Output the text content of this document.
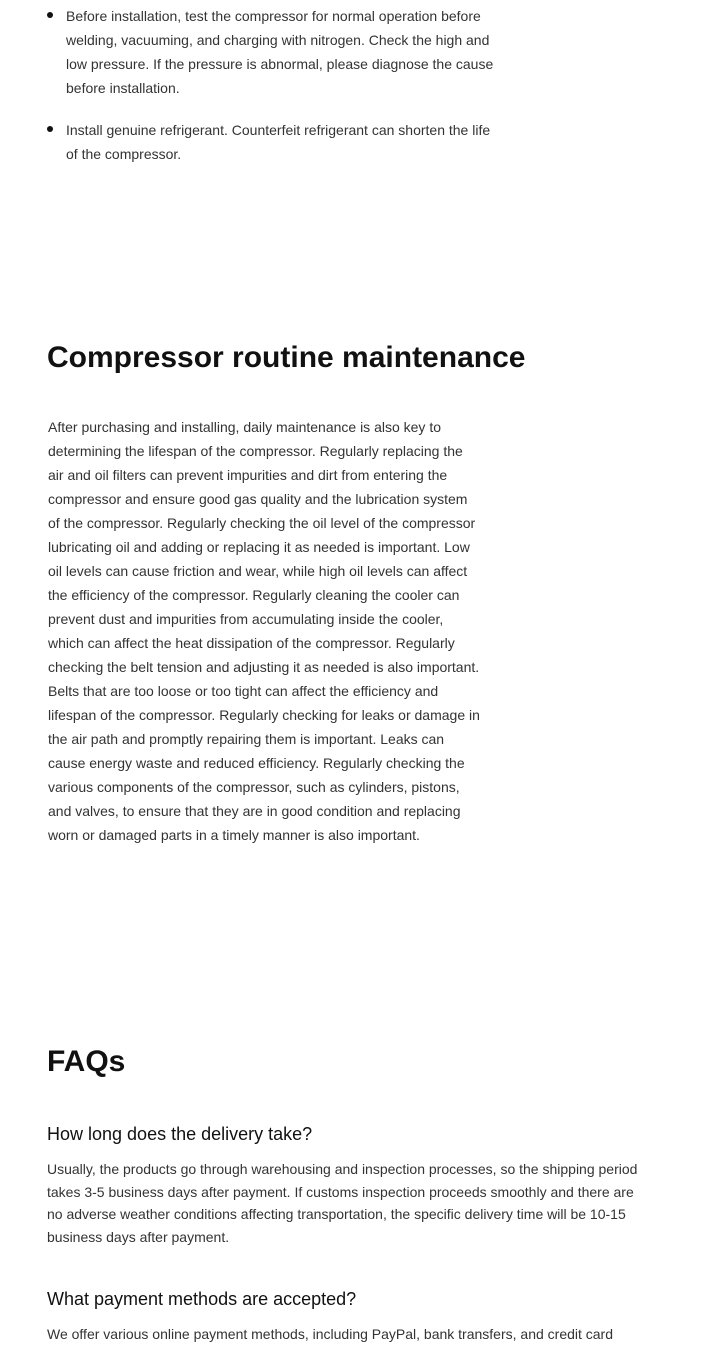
Before installation, test the compressor for normal operation before welding, vacuuming, and charging with nitrogen. Check the high and low pressure. If the pressure is abnormal, please diagnose the cause before installation.
Install genuine refrigerant. Counterfeit refrigerant can shorten the life of the compressor.
Compressor routine maintenance

After purchasing and installing, daily maintenance is also key to determining the lifespan of the compressor. Regularly replacing the air and oil filters can prevent impurities and dirt from entering the compressor and ensure good gas quality and the lubrication system of the compressor. Regularly checking the oil level of the compressor lubricating oil and adding or replacing it as needed is important. Low oil levels can cause friction and wear, while high oil levels can affect the efficiency of the compressor. Regularly cleaning the cooler can prevent dust and impurities from accumulating inside the cooler, which can affect the heat dissipation of the compressor. Regularly checking the belt tension and adjusting it as needed is also important. Belts that are too loose or too tight can affect the efficiency and lifespan of the compressor. Regularly checking for leaks or damage in the air path and promptly repairing them is important. Leaks can cause energy waste and reduced efficiency. Regularly checking the various components of the compressor, such as cylinders, pistons, and valves, to ensure that they are in good condition and replacing worn or damaged parts in a timely manner is also important.

FAQs
How long does the delivery take?

Usually, the products go through warehousing and inspection processes, so the shipping period takes 3-5 business days after payment. If customs inspection proceeds smoothly and there are no adverse weather conditions affecting transportation, the specific delivery time will be 10-15 business days after payment.

What payment methods are accepted?

We offer various online payment methods, including PayPal, bank transfers, and credit card
